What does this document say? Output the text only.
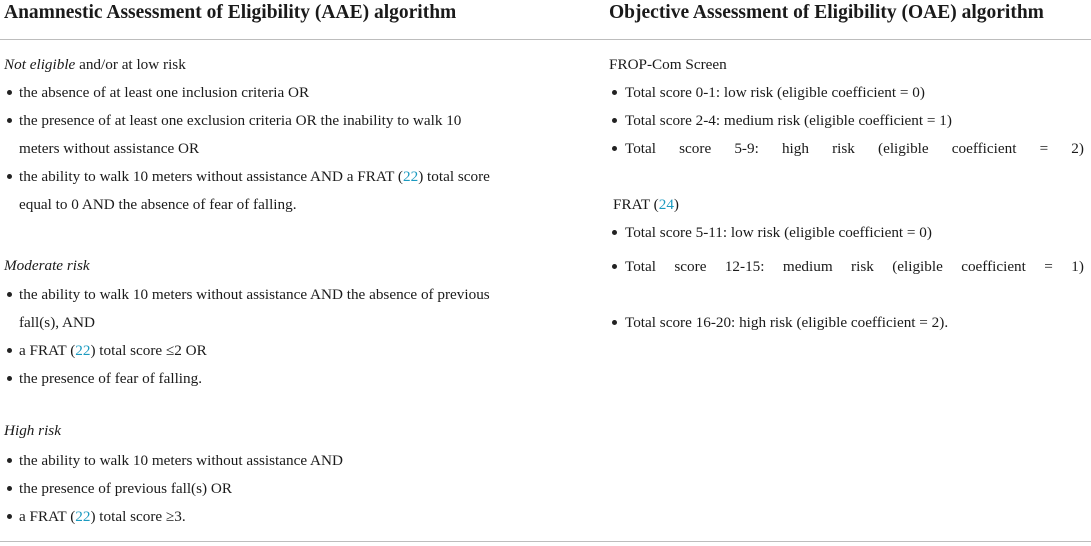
Anamnestic Assessment of Eligibility (AAE) algorithm	Objective Assessment of Eligibility (OAE) algorithm
Not eligible and/or at low risk
the absence of at least one inclusion criteria OR
the presence of at least one exclusion criteria OR the inability to walk 10
meters without assistance OR
the ability to walk 10 meters without assistance AND a FRAT (22) total score
equal to 0 AND the absence of fear of falling.
Moderate risk
the ability to walk 10 meters without assistance AND the absence of previous
fall(s), AND
a FRAT (22) total score ≤2 OR
the presence of fear of falling.
High risk
the ability to walk 10 meters without assistance AND
the presence of previous fall(s) OR
a FRAT (22) total score ≥3.
FROP-Com Screen
Total score 0-1: low risk (eligible coefficient = 0)
Total score 2-4: medium risk (eligible coefficient = 1)
Total score 5-9: high risk (eligible coefficient = 2)
FRAT (24)
Total score 5-11: low risk (eligible coefficient = 0)
Total score 12-15: medium risk (eligible coefficient = 1)
Total score 16-20: high risk (eligible coefficient = 2).
